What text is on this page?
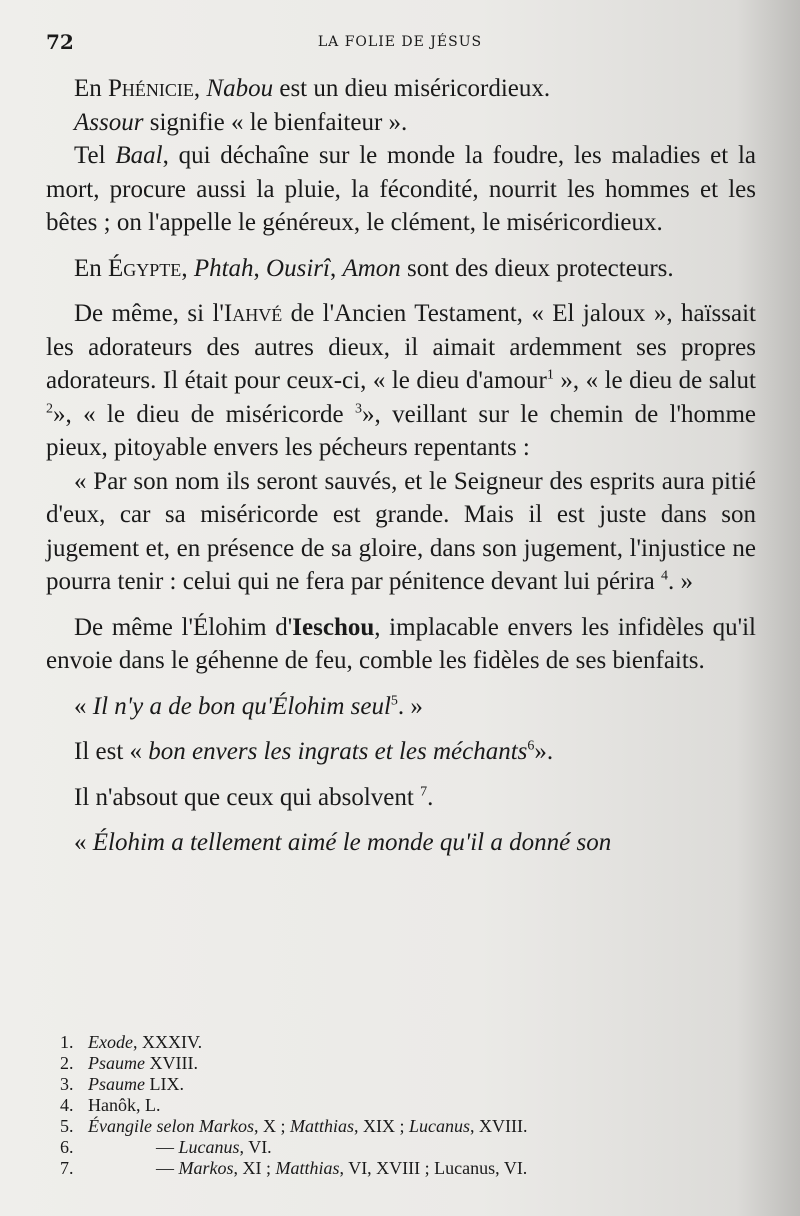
72	LA FOLIE DE JÉSUS

En Phénicie, Nabou est un dieu miséricordieux.

Assour signifie « le bienfaiteur ».

Tel Baal, qui déchaîne sur le monde la foudre, les maladies et la mort, procure aussi la pluie, la fécondité, nourrit les hommes et les bêtes ; on l'appelle le généreux, le clément, le miséricordieux.

En Égypte, Phtah, Ousirî, Amon sont des dieux protecteurs.

De même, si l'Iahvé de l'Ancien Testament, « El jaloux », haïssait les adorateurs des autres dieux, il aimait ardemment ses propres adorateurs. Il était pour ceux-ci, « le dieu d'amour$^1$ », « le dieu de salut $^2$», « le dieu de miséricorde $^3$», veillant sur le chemin de l'homme pieux, pitoyable envers les pécheurs repentants :

« Par son nom ils seront sauvés, et le Seigneur des esprits aura pitié d'eux, car sa miséricorde est grande. Mais il est juste dans son jugement et, en présence de sa gloire, dans son jugement, l'injustice ne pourra tenir : celui qui ne fera par pénitence devant lui périra $^4$. »

De même l'Élohim d'Ieschou, implacable envers les infidèles qu'il envoie dans le géhenne de feu, comble les fidèles de ses bienfaits.

« Il n'y a de bon qu'Élohim seul$^5$. »

Il est « bon envers les ingrats et les méchants$^6$».

Il n'absout que ceux qui absolvent $^7$.

« Élohim a tellement aimé le monde qu'il a donné son

1. Exode, XXXIV.
2. Psaume XVIII.
3. Psaume LIX.
4. Hanôk, L.
5. Évangile selon Markos, X ; Matthias, XIX ; Lucanus, XVIII.
6.	— Lucanus, VI.
7.	— Markos, XI ; Matthias, VI, XVIII ; Lucanus, VI.
